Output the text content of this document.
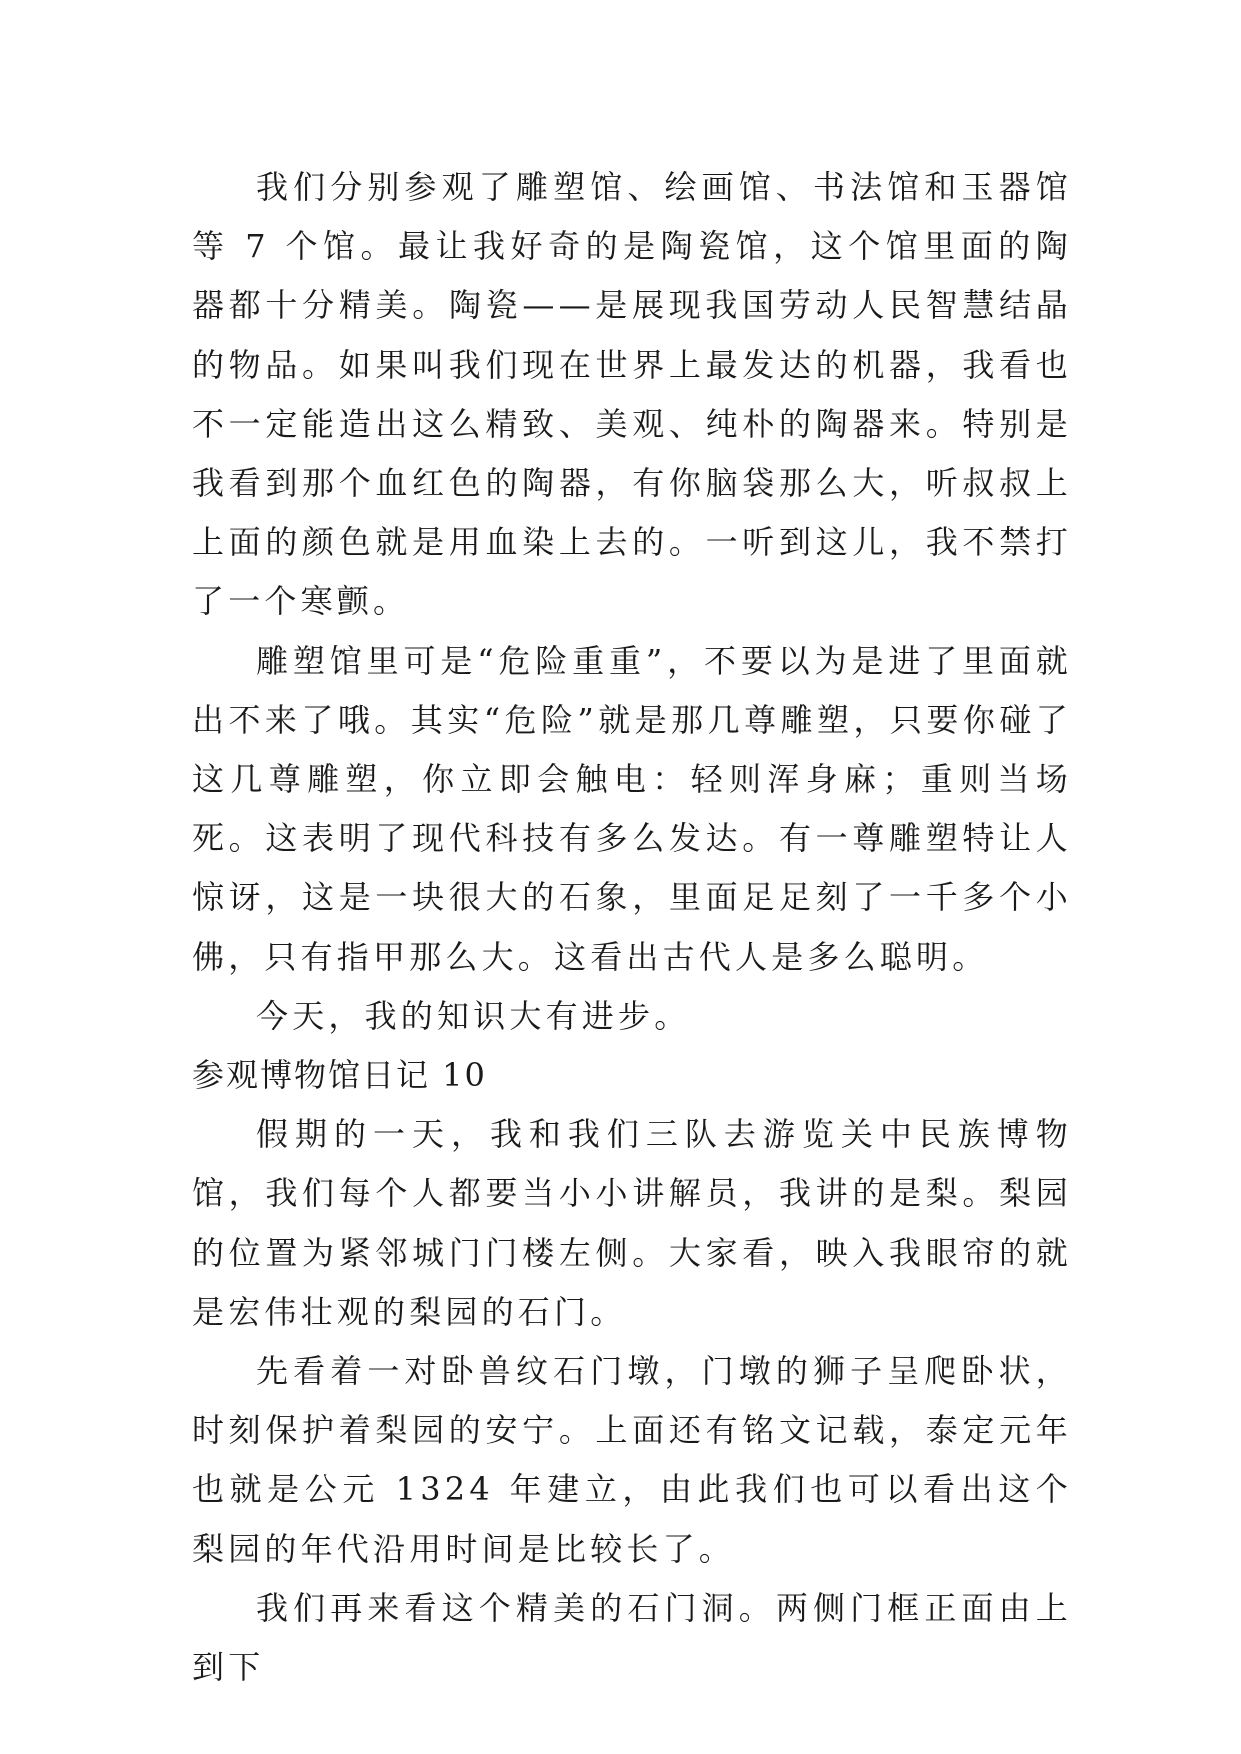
我们分别参观了雕塑馆、绘画馆、书法馆和玉器馆等 7 个馆。最让我好奇的是陶瓷馆，这个馆里面的陶器都十分精美。陶瓷——是展现我国劳动人民智慧结晶的物品。如果叫我们现在世界上最发达的机器，我看也不一定能造出这么精致、美观、纯朴的陶器来。特别是我看到那个血红色的陶器，有你脑袋那么大，听叔叔上上面的颜色就是用血染上去的。一听到这儿，我不禁打了一个寒颤。

雕塑馆里可是“危险重重”，不要以为是进了里面就出不来了哦。其实“危险”就是那几尊雕塑，只要你碰了这几尊雕塑，你立即会触电：轻则浑身麻；重则当场死。这表明了现代科技有多么发达。有一尊雕塑特让人惊讶，这是一块很大的石象，里面足足刻了一千多个小佛，只有指甲那么大。这看出古代人是多么聪明。

今天，我的知识大有进步。

参观博物馆日记 10

假期的一天，我和我们三队去游览关中民族博物馆，我们每个人都要当小小讲解员，我讲的是梨。梨园的位置为紧邻城门门楼左侧。大家看，映入我眼帘的就是宏伟壮观的梨园的石门。

先看着一对卧兽纹石门墩，门墩的狮子呈爬卧状，时刻保护着梨园的安宁。上面还有铭文记载，泰定元年也就是公元 1324 年建立，由此我们也可以看出这个梨园的年代沿用时间是比较长了。

我们再来看这个精美的石门洞。两侧门框正面由上到下
